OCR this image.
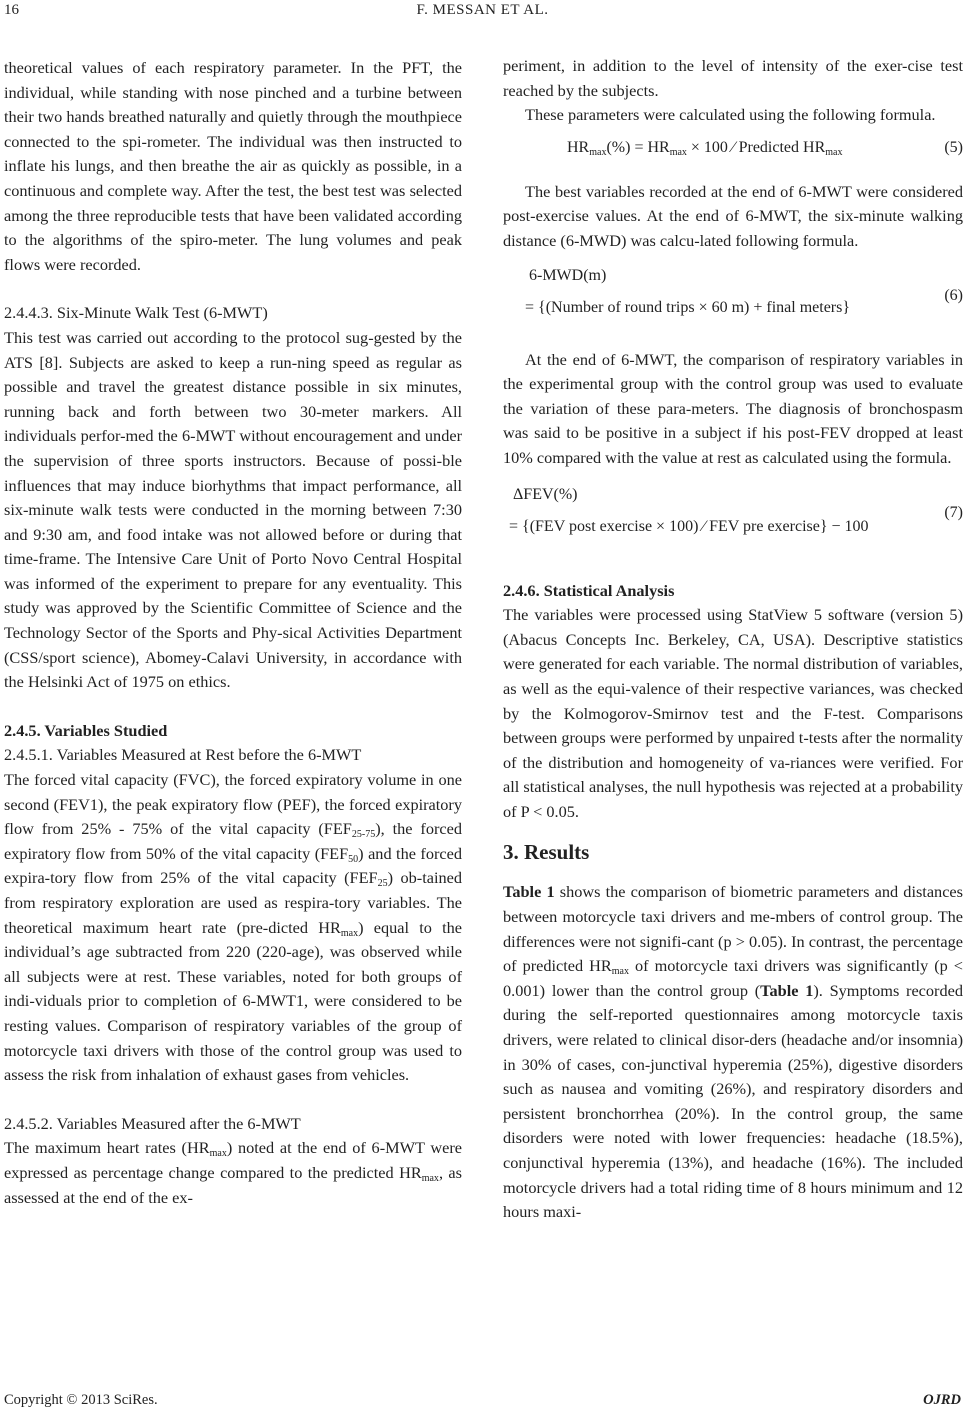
16	F. MESSAN ET AL.

theoretical values of each respiratory parameter. In the PFT, the individual, while standing with nose pinched and a turbine between their two hands breathed naturally and quietly through the mouthpiece connected to the spi-rometer. The individual was then instructed to inflate his lungs, and then breathe the air as quickly as possible, in a continuous and complete way. After the test, the best test was selected among the three reproducible tests that have been validated according to the algorithms of the spiro-meter. The lung volumes and peak flows were recorded.

2.4.4.3. Six-Minute Walk Test (6-MWT)

This test was carried out according to the protocol sug-gested by the ATS [8]. Subjects are asked to keep a run-ning speed as regular as possible and travel the greatest distance possible in six minutes, running back and forth between two 30-meter markers. All individuals perfor-med the 6-MWT without encouragement and under the supervision of three sports instructors. Because of possi-ble influences that may induce biorhythms that impact performance, all six-minute walk tests were conducted in the morning between 7:30 and 9:30 am, and food intake was not allowed before or during that time-frame. The Intensive Care Unit of Porto Novo Central Hospital was informed of the experiment to prepare for any eventuality. This study was approved by the Scientific Committee of Science and the Technology Sector of the Sports and Phy-sical Activities Department (CSS/sport science), Abomey-Calavi University, in accordance with the Helsinki Act of 1975 on ethics.

2.4.5. Variables Studied

2.4.5.1. Variables Measured at Rest before the 6-MWT

The forced vital capacity (FVC), the forced expiratory volume in one second (FEV1), the peak expiratory flow (PEF), the forced expiratory flow from 25% - 75% of the vital capacity $(FEF_{25-75})$, the forced expiratory flow from 50% of the vital capacity $(FEF_{50})$ and the forced expira-tory flow from 25% of the vital capacity $(FEF_{25})$ ob-tained from respiratory exploration are used as respira-tory variables. The theoretical maximum heart rate (pre-dicted $HR_{max}$) equal to the individual’s age subtracted from 220 (220-age), was observed while all subjects were at rest. These variables, noted for both groups of indi-viduals prior to completion of 6-MWT1, were considered to be resting values. Comparison of respiratory variables of the group of motorcycle taxi drivers with those of the control group was used to assess the risk from inhalation of exhaust gases from vehicles.

2.4.5.2. Variables Measured after the 6-MWT

The maximum heart rates $(HR_{max})$ noted at the end of 6-MWT were expressed as percentage change compared to the predicted $HR_{max}$, as assessed at the end of the ex-

periment, in addition to the level of intensity of the exer-cise test reached by the subjects.

These parameters were calculated using the following formula.

$HR_{max}(\%) = HR_{max} \times 100$ ∕ Predicted $HR_{max}$	(5)

The best variables recorded at the end of 6-MWT were considered post-exercise values. At the end of 6-MWT, the six-minute walking distance (6-MWD) was calcu-lated following formula.

6-MWD(m)
= {(Number of round trips × 60 m) + final meters}
(6)

At the end of 6-MWT, the comparison of respiratory variables in the experimental group with the control group was used to evaluate the variation of these para-meters. The diagnosis of bronchospasm was said to be positive in a subject if his post-FEV dropped at least 10% compared with the value at rest as calculated using the formula.

ΔFEV(%)
= {(FEV post exercise × 100) ∕ FEV pre exercise} − 100
(7)

2.4.6. Statistical Analysis

The variables were processed using StatView 5 software (version 5) (Abacus Concepts Inc. Berkeley, CA, USA). Descriptive statistics were generated for each variable. The normal distribution of variables, as well as the equi-valence of their respective variances, was checked by the Kolmogorov-Smirnov test and the F-test. Comparisons between groups were performed by unpaired t-tests after the normality of the distribution and homogeneity of va-riances were verified. For all statistical analyses, the null hypothesis was rejected at a probability of P < 0.05.

3. Results

Table 1 shows the comparison of biometric parameters and distances between motorcycle taxi drivers and me-mbers of control group. The differences were not signifi-cant (p > 0.05). In contrast, the percentage of predicted $HR_{max}$ of motorcycle taxi drivers was significantly (p < 0.001) lower than the control group (Table 1). Symptoms recorded during the self-reported questionnaires among motorcycle taxis drivers, were related to clinical disor-ders (headache and/or insomnia) in 30% of cases, con-junctival hyperemia (25%), digestive disorders such as nausea and vomiting (26%), and respiratory disorders and persistent bronchorrhea (20%). In the control group, the same disorders were noted with lower frequencies: headache (18.5%), conjunctival hyperemia (13%), and headache (16%). The included motorcycle drivers had a total riding time of 8 hours minimum and 12 hours maxi-

Copyright © 2013 SciRes.	OJRD
